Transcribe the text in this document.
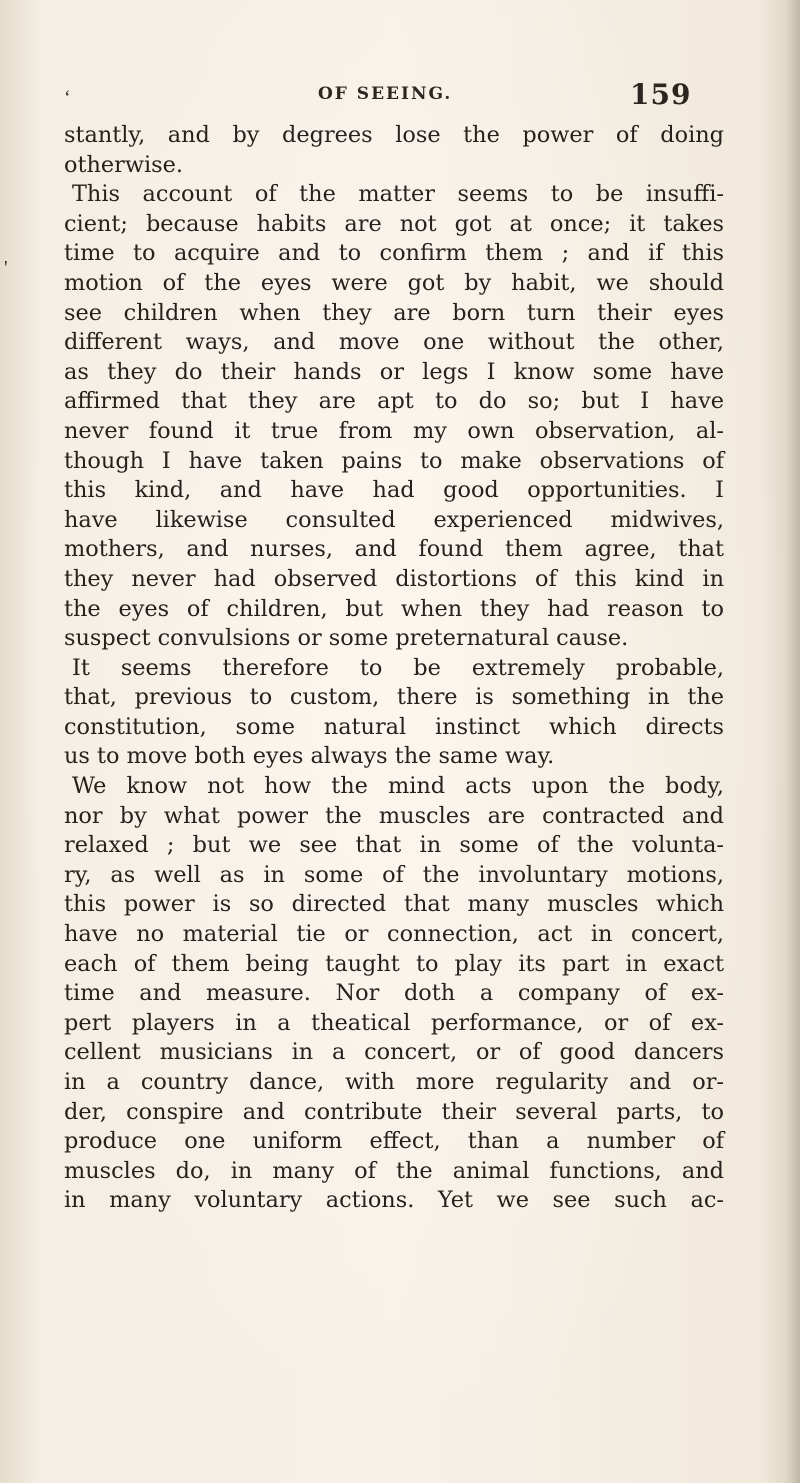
‘
'
OF SEEING.	159
stantly, and by degrees lose the power of doing
otherwise.
This account of the matter seems to be insuffi-
cient; because habits are not got at once; it takes
time to acquire and to confirm them ; and if this
motion of the eyes were got by habit, we should
see children when they are born turn their eyes
different ways, and move one without the other,
as they do their hands or legs I know some have
affirmed that they are apt to do so; but I have
never found it true from my own observation, al-
though I have taken pains to make observations of
this kind, and have had good opportunities. I
have likewise consulted experienced midwives,
mothers, and nurses, and found them agree, that
they never had observed distortions of this kind in
the eyes of children, but when they had reason to
suspect convulsions or some preternatural cause.
It seems therefore to be extremely probable,
that, previous to custom, there is something in the
constitution, some natural instinct which directs
us to move both eyes always the same way.
We know not how the mind acts upon the body,
nor by what power the muscles are contracted and
relaxed ; but we see that in some of the volunta-
ry, as well as in some of the involuntary motions,
this power is so directed that many muscles which
have no material tie or connection, act in concert,
each of them being taught to play its part in exact
time and measure. Nor doth a company of ex-
pert players in a theatical performance, or of ex-
cellent musicians in a concert, or of good dancers
in a country dance, with more regularity and or-
der, conspire and contribute their several parts, to
produce one uniform effect, than a number of
muscles do, in many of the animal functions, and
in many voluntary actions. Yet we see such ac-
